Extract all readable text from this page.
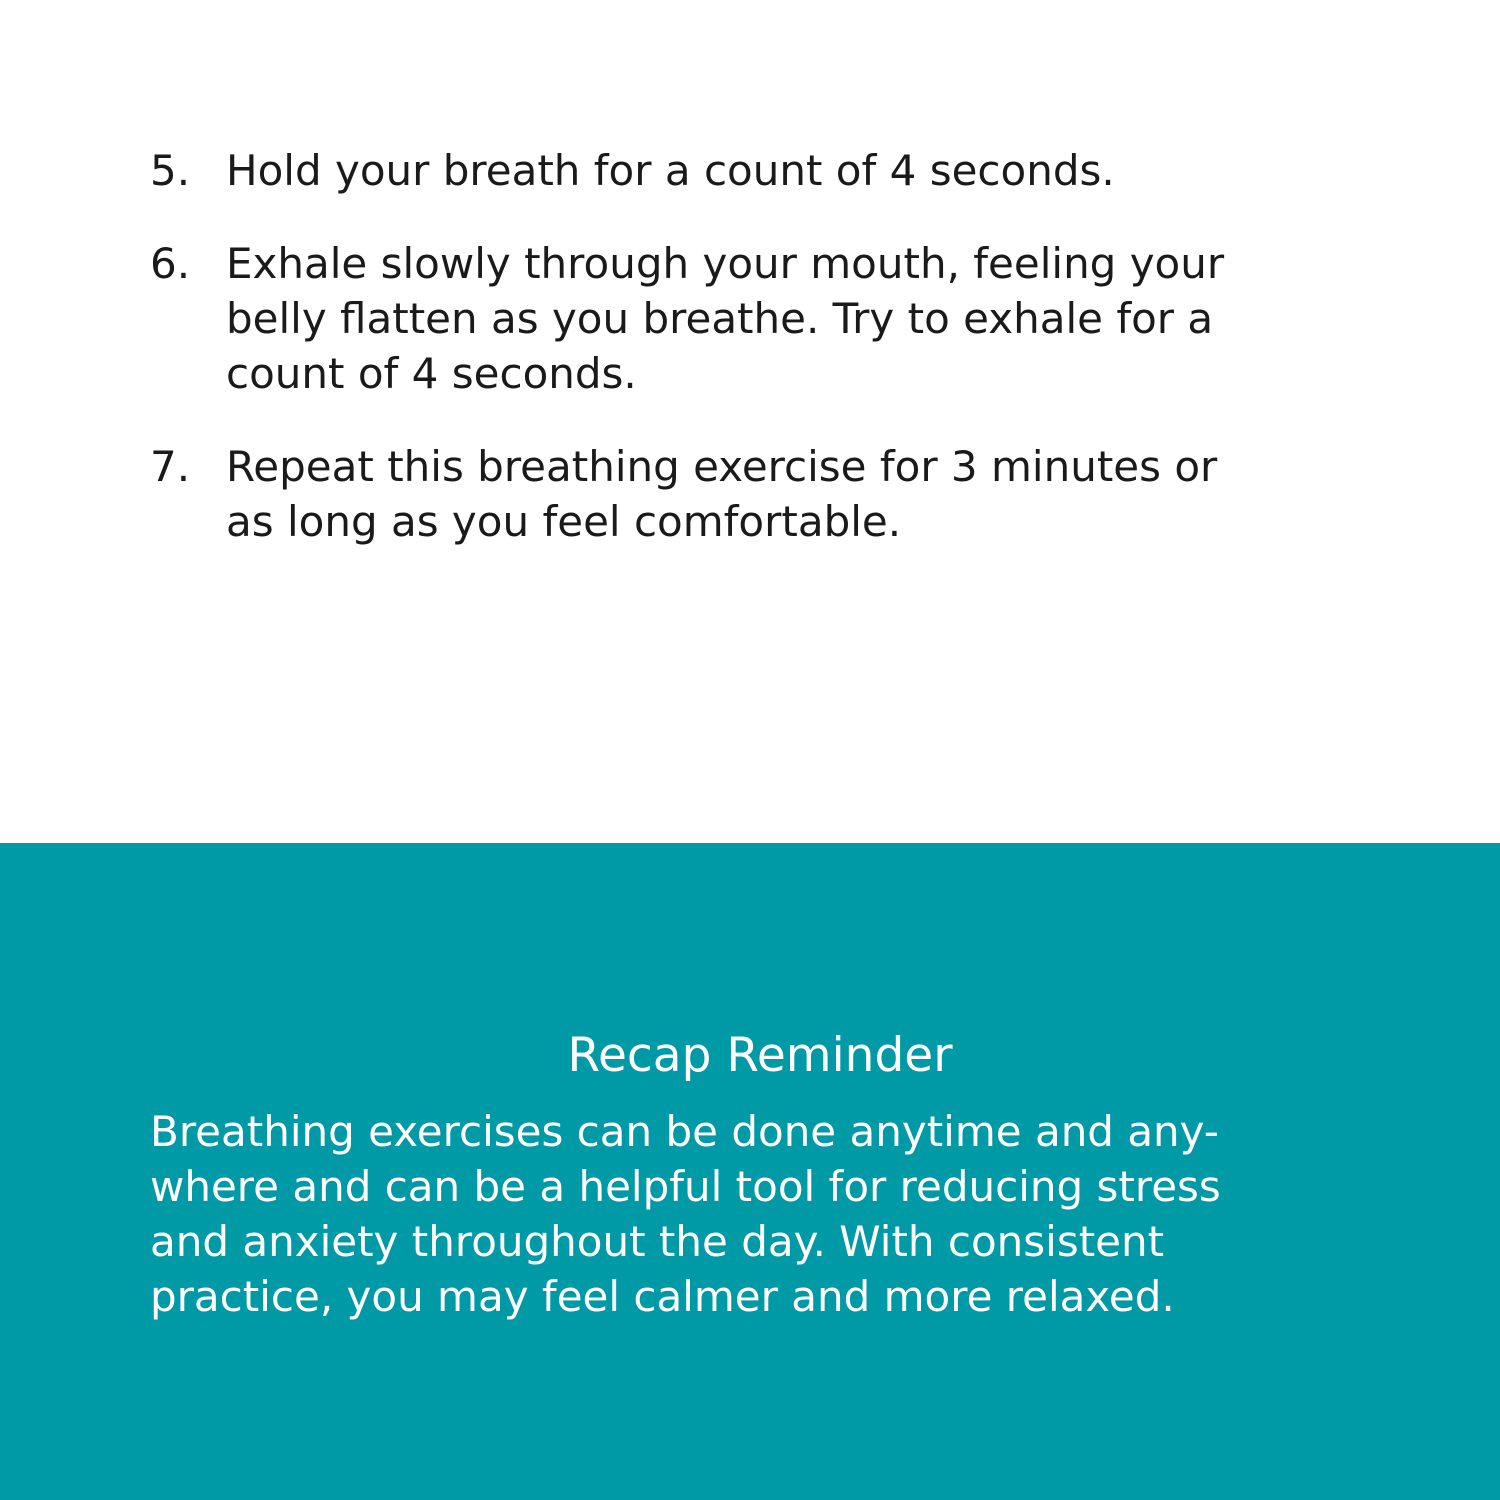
5. Hold your breath for a count of 4 seconds.
6. Exhale slowly through your mouth, feeling your
belly flatten as you breathe. Try to exhale for a
count of 4 seconds.
7. Repeat this breathing exercise for 3 minutes or
as long as you feel comfortable.
Recap Reminder

Breathing exercises can be done anytime and any-
where and can be a helpful tool for reducing stress
and anxiety throughout the day. With consistent
practice, you may feel calmer and more relaxed.
